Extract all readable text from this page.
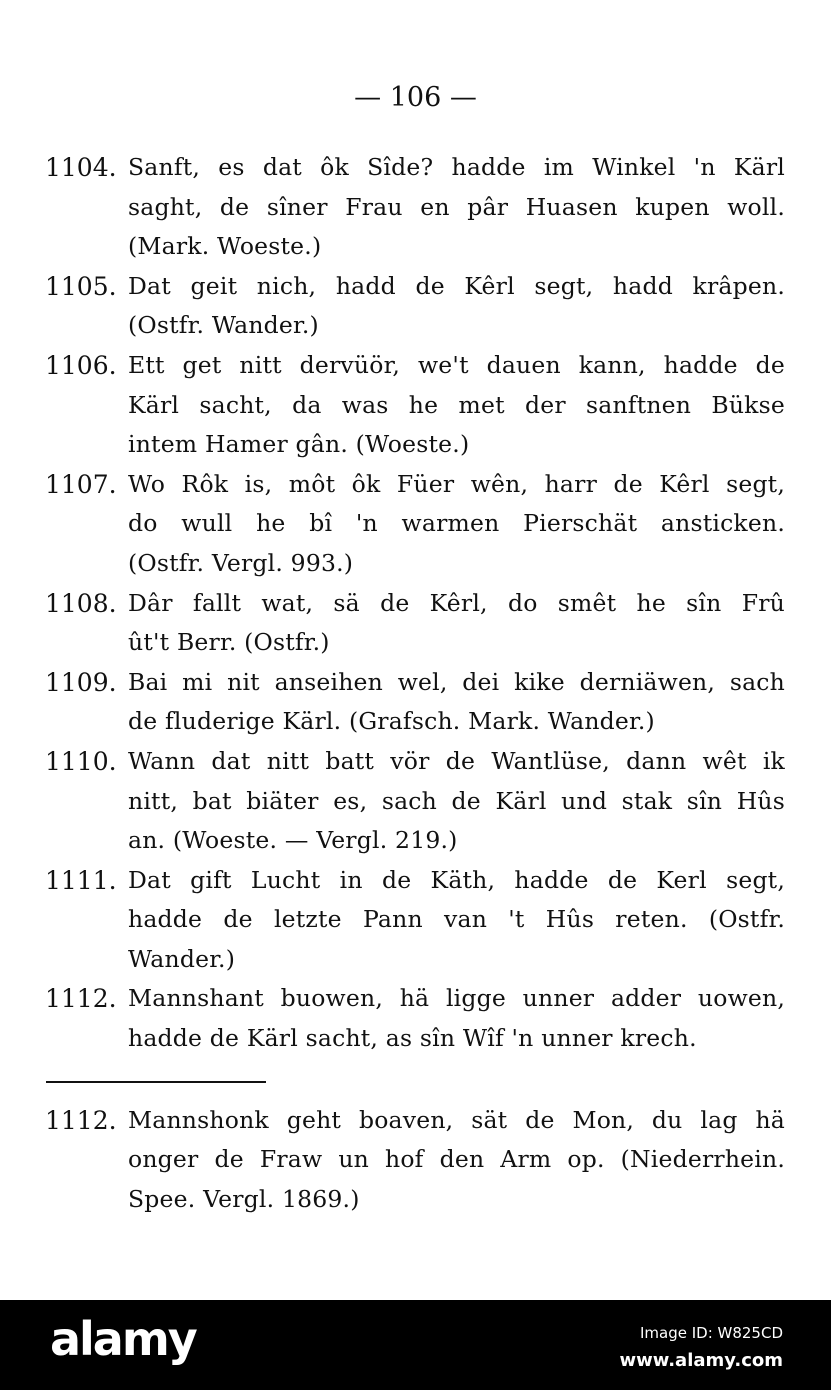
— 106 —
1104. Sanft, es dat ôk Sîde? hadde im Winkel 'n Kärl
saght, de sîner Frau en pâr Huasen kupen woll.
(Mark. Woeste.)
1105. Dat geit nich, hadd de Kêrl segt, hadd krâpen.
(Ostfr. Wander.)
1106. Ett get nitt dervüör, we't dauen kann, hadde de
Kärl sacht, da was he met der sanftnen Bükse
intem Hamer gân. (Woeste.)
1107. Wo Rôk is, môt ôk Füer wên, harr de Kêrl segt,
do wull he bî 'n warmen Pierschät ansticken.
(Ostfr. Vergl. 993.)
1108. Dâr fallt wat, sä de Kêrl, do smêt he sîn Frû
ût't Berr. (Ostfr.)
1109. Bai mi nit anseihen wel, dei kike derniäwen, sach
de fluderige Kärl. (Grafsch. Mark. Wander.)
1110. Wann dat nitt batt vör de Wantlüse, dann wêt ik
nitt, bat biäter es, sach de Kärl und stak sîn Hûs
an. (Woeste. — Vergl. 219.)
1111. Dat gift Lucht in de Käth, hadde de Kerl segt,
hadde de letzte Pann van 't Hûs reten. (Ostfr.
Wander.)
1112. Mannshant buowen, hä ligge unner adder uowen,
hadde de Kärl sacht, as sîn Wîf 'n unner krech.
1112. Mannshonk geht boaven, sät de Mon, du lag hä
onger de Fraw un hof den Arm op. (Niederrhein.
Spee. Vergl. 1869.)
alamy	Image ID: W825CD
www.alamy.com
